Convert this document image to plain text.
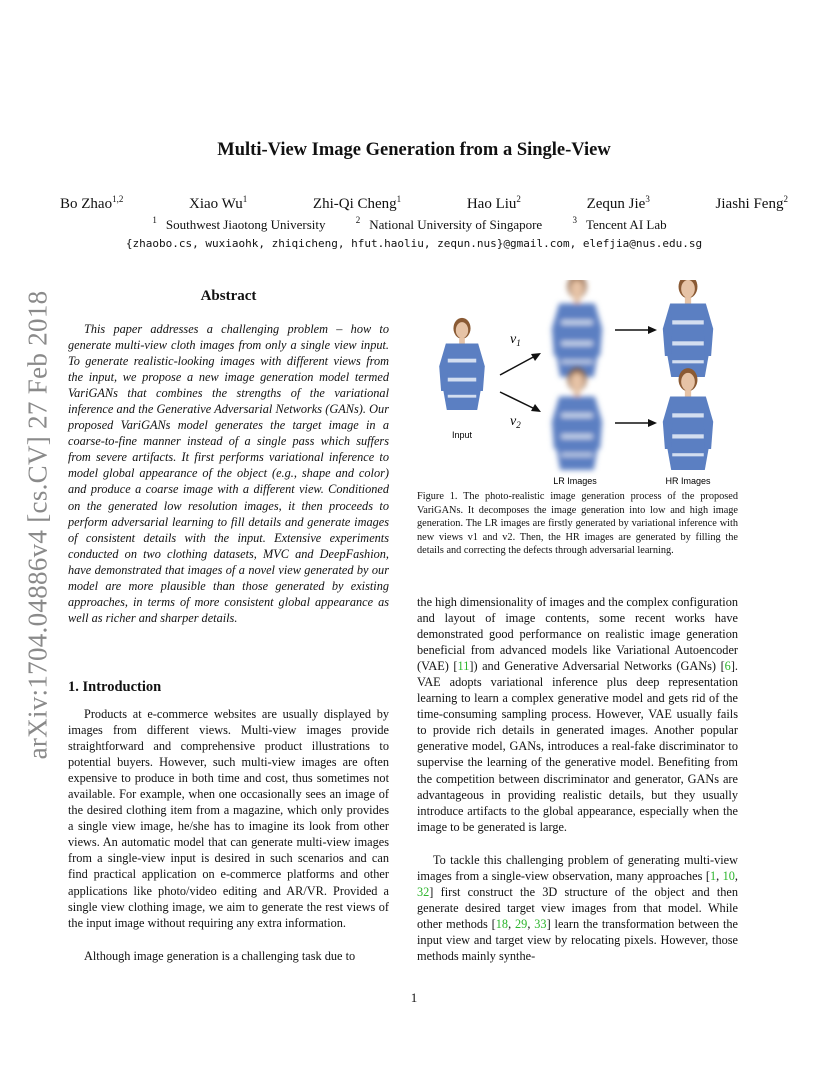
arXiv:1704.04886v4 [cs.CV] 27 Feb 2018
Multi-View Image Generation from a Single-View
Bo Zhao$^{1,2}$	Xiao Wu$^1$	Zhi-Qi Cheng$^1$	Hao Liu$^2$	Zequn Jie$^3$	Jiashi Feng$^2$
$^1$ Southwest Jiaotong University	$^2$ National University of Singapore	$^3$ Tencent AI Lab
{zhaobo.cs, wuxiaohk, zhiqicheng, hfut.haoliu, zequn.nus}@gmail.com, elefjia@nus.edu.sg
Abstract

This paper addresses a challenging problem – how to generate multi-view cloth images from only a single view input. To generate realistic-looking images with different views from the input, we propose a new image generation model termed VariGANs that combines the strengths of the variational inference and the Generative Adversarial Networks (GANs). Our proposed VariGANs model generates the target image in a coarse-to-fine manner instead of a single pass which suffers from severe artifacts. It first performs variational inference to model global appearance of the object (e.g., shape and color) and produce a coarse image with a different view. Conditioned on the generated low resolution images, it then proceeds to perform adversarial learning to fill details and generate images of consistent details with the input. Extensive experiments conducted on two clothing datasets, MVC and DeepFashion, have demonstrated that images of a novel view generated by our model are more plausible than those generated by existing approaches, in terms of more consistent global appearance as well as richer and sharper details.

1. Introduction

Products at e-commerce websites are usually displayed by images from different views. Multi-view images provide straightforward and comprehensive product illustrations to potential buyers. However, such multi-view images are often expensive to produce in both time and cost, thus sometimes not available. For example, when one occasionally sees an image of the desired clothing item from a magazine, which only provides a single view image, he/she has to imagine its look from other views. An automatic model that can generate multi-view images from a single-view input is desired in such scenarios and can find practical application on e-commerce platforms and other applications like photo/video editing and AR/VR. Provided a single view clothing image, we aim to generate the rest views of the input image without requiring any extra information.

Although image generation is a challenging task due to

$v_1$
$v_2$
Input
LR Images	HR Images

Figure 1. The photo-realistic image generation process of the proposed VariGANs. It decomposes the image generation into low and high image generation. The LR images are firstly generated by variational inference with new views v1 and v2. Then, the HR images are generated by filling the details and correcting the defects through adversarial learning.

the high dimensionality of images and the complex configuration and layout of image contents, some recent works have demonstrated good performance on realistic image generation beneficial from advanced models like Variational Autoencoder (VAE) [11]) and Generative Adversarial Networks (GANs) [6]. VAE adopts variational inference plus deep representation learning to learn a complex generative model and gets rid of the time-consuming sampling process. However, VAE usually fails to provide rich details in generated images. Another popular generative model, GANs, introduces a real-fake discriminator to supervise the learning of the generative model. Benefiting from the competition between discriminator and generator, GANs are advantageous in providing realistic details, but they usually introduce artifacts to the global appearance, especially when the image to be generated is large.

To tackle this challenging problem of generating multi-view images from a single-view observation, many approaches [1, 10, 32] first construct the 3D structure of the object and then generate desired target view images from that model. While other methods [18, 29, 33] learn the transformation between the input view and target view by relocating pixels. However, those methods mainly synthe-

1
